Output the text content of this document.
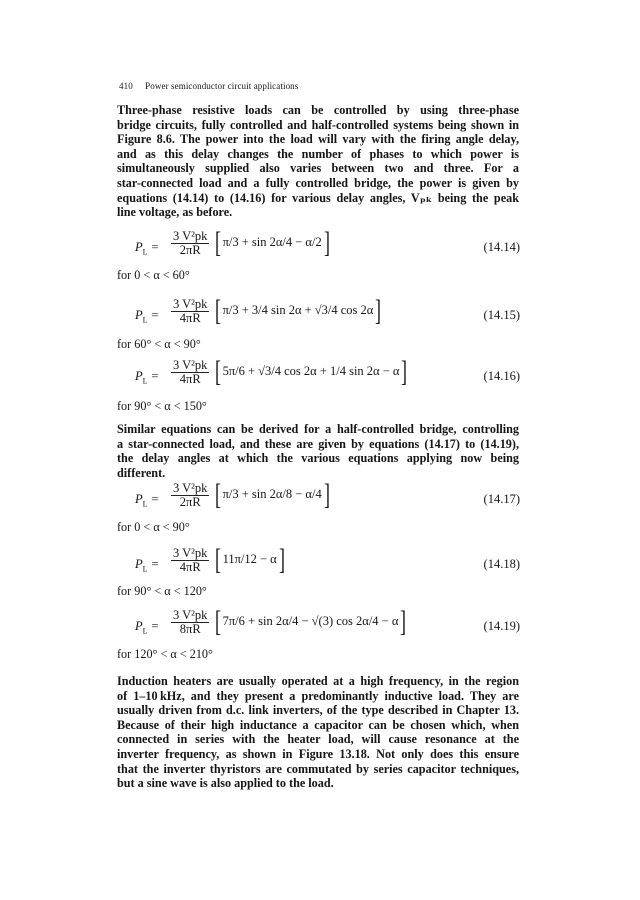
410 Power semiconductor circuit applications
Three-phase resistive loads can be controlled by using three-phase
bridge circuits, fully controlled and half-controlled systems being shown in
Figure 8.6. The power into the load will vary with the firing angle delay,
and as this delay changes the number of phases to which power is
simultaneously supplied also varies between two and three. For a
star-connected load and a fully controlled bridge, the power is given by
equations (14.14) to (14.16) for various delay angles, Vₚₖ being the peak
line voltage, as before.
$P_L = \frac{\text{3 V²pk}}{2\pi R}$ [ π/3 + sin 2α/4 − α/2]	(14.14)
for 0 < α < 60°
$P_L = \frac{\text{3 V²pk}}{4\pi R}$ [ π/3 + 3/4 sin 2α + √3/4 cos 2α]	(14.15)
for 60° < α < 90°
$P_L = \frac{\text{3 V²pk}}{4\pi R}$ [ 5π/6 + √3/4 cos 2α + 1/4 sin 2α − α]	(14.16)
for 90° < α < 150°
Similar equations can be derived for a half-controlled bridge, controlling
a star-connected load, and these are given by equations (14.17) to (14.19),
the delay angles at which the various equations applying now being
different.
$P_L = \frac{\text{3 V²pk}}{2\pi R}$ [ π/3 + sin 2α/8 − α/4]	(14.17)
for 0 < α < 90°
$P_L = \frac{\text{3 V²pk}}{4\pi R}$ [ 11π/12 − α]	(14.18)
for 90° < α < 120°
$P_L = \frac{\text{3 V²pk}}{8\pi R}$ [ 7π/6 + sin 2α/4 − √(3) cos 2α/4 − α]	(14.19)
for 120° < α < 210°
Induction heaters are usually operated at a high frequency, in the region
of 1–10 kHz, and they present a predominantly inductive load. They are
usually driven from d.c. link inverters, of the type described in Chapter 13.
Because of their high inductance a capacitor can be chosen which, when
connected in series with the heater load, will cause resonance at the
inverter frequency, as shown in Figure 13.18. Not only does this ensure
that the inverter thyristors are commutated by series capacitor techniques,
but a sine wave is also applied to the load.
